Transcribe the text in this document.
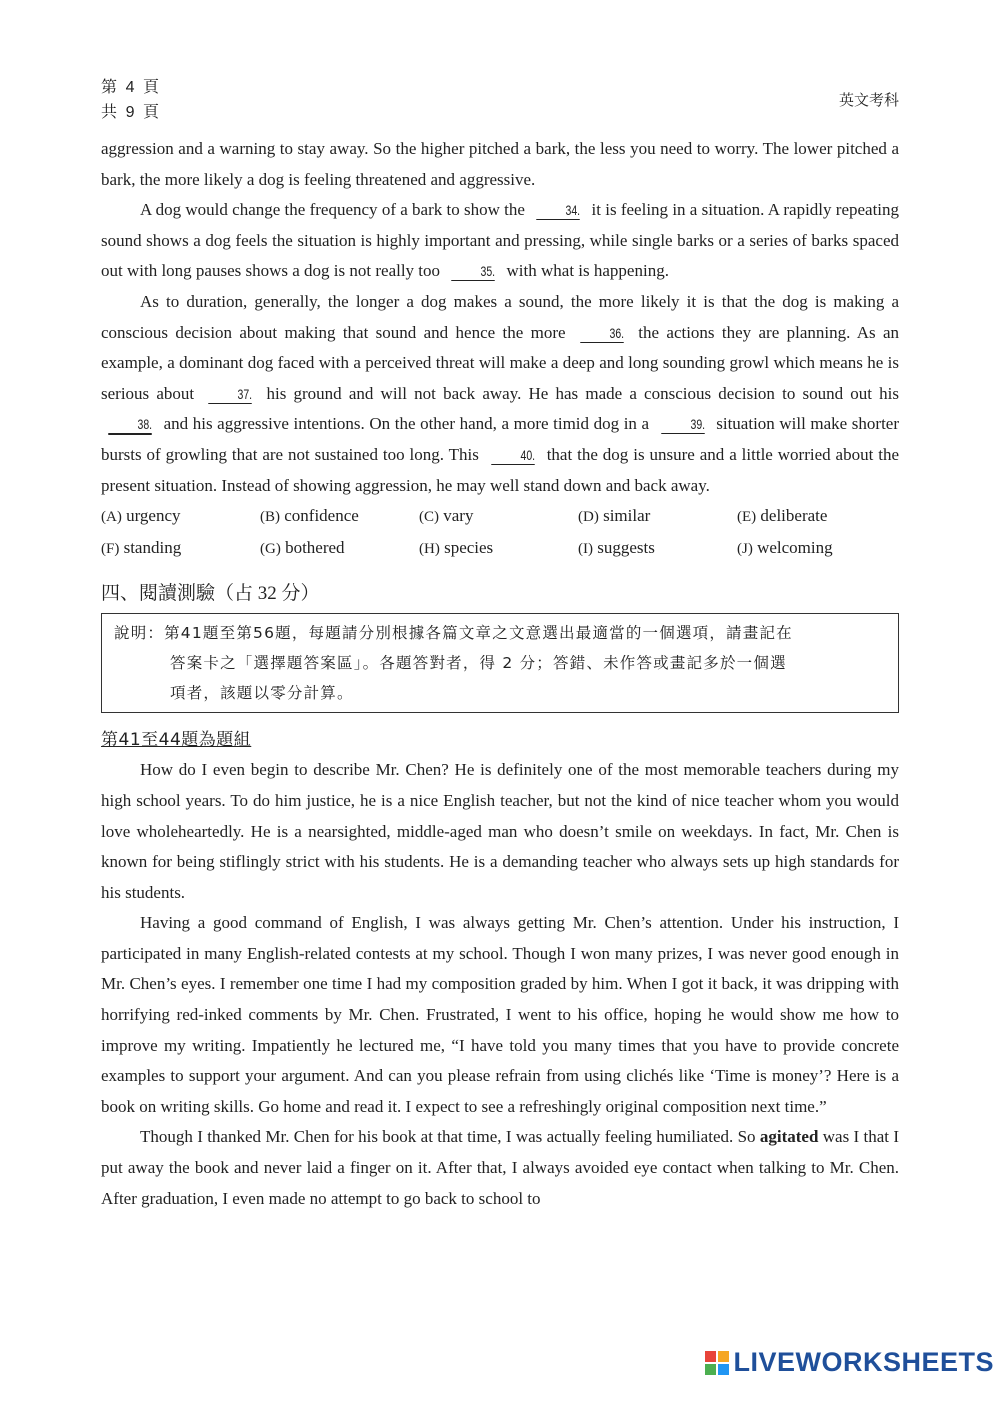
第 4 頁
共 9 頁
英文考科

aggression and a warning to stay away. So the higher pitched a bark, the less you need to worry. The lower pitched a bark, the more likely a dog is feeling threatened and aggressive.

A dog would change the frequency of a bark to show the	34. it is feeling in a situation. A rapidly repeating sound shows a dog feels the situation is highly important and pressing, while single barks or a series of barks spaced out with long pauses shows a dog is not really too	35. with what is happening.

As to duration, generally, the longer a dog makes a sound, the more likely it is that the dog is making a conscious decision about making that sound and hence the more	36. the actions they are planning. As an example, a dominant dog faced with a perceived threat will make a deep and long sounding growl which means he is serious about	37. his ground and will not back away. He has made a conscious decision to sound out his 38. and his aggressive intentions. On the other hand, a more timid dog in a	39. situation will make shorter bursts of growling that are not sustained too long. This	40. that the dog is unsure and a little worried about the present situation. Instead of showing aggression, he may well stand down and back away.

(A) urgency	(B) confidence	(C) vary	(D) similar	(E) deliberate
(F) standing	(G) bothered	(H) species	(I) suggests	(J) welcoming
四、閱讀測驗（占 32 分）
說明：第41題至第56題，每題請分別根據各篇文章之文意選出最適當的一個選項，請畫記在
答案卡之「選擇題答案區」。各題答對者，得 2 分；答錯、未作答或畫記多於一個選
項者，該題以零分計算。
第41至44題為題組

How do I even begin to describe Mr. Chen? He is definitely one of the most memorable teachers during my high school years. To do him justice, he is a nice English teacher, but not the kind of nice teacher whom you would love wholeheartedly. He is a nearsighted, middle-aged man who doesn’t smile on weekdays. In fact, Mr. Chen is known for being stiflingly strict with his students. He is a demanding teacher who always sets up high standards for his students.

Having a good command of English, I was always getting Mr. Chen’s attention. Under his instruction, I participated in many English-related contests at my school. Though I won many prizes, I was never good enough in Mr. Chen’s eyes. I remember one time I had my composition graded by him. When I got it back, it was dripping with horrifying red-inked comments by Mr. Chen. Frustrated, I went to his office, hoping he would show me how to improve my writing. Impatiently he lectured me, “I have told you many times that you have to provide concrete examples to support your argument. And can you please refrain from using clichés like ‘Time is money’? Here is a book on writing skills. Go home and read it. I expect to see a refreshingly original composition next time.”

Though I thanked Mr. Chen for his book at that time, I was actually feeling humiliated. So agitated was I that I put away the book and never laid a finger on it. After that, I always avoided eye contact when talking to Mr. Chen. After graduation, I even made no attempt to go back to school to

LIVEWORKSHEETS
